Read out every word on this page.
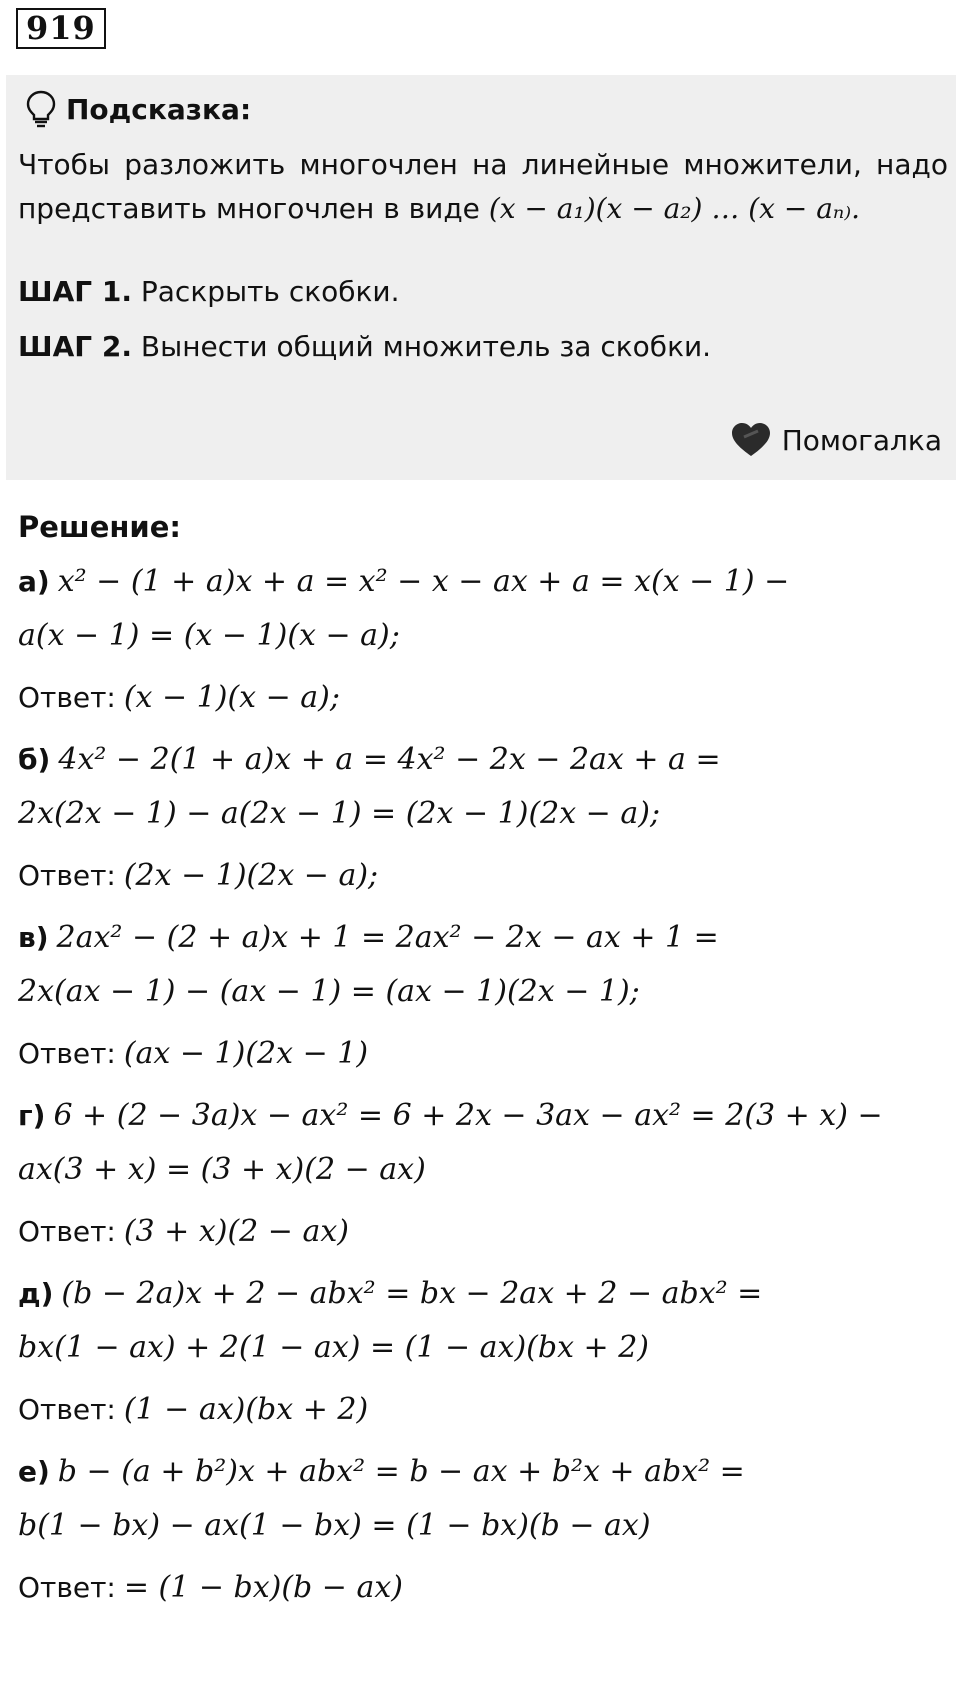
919
Подсказка:
Чтобы разложить многочлен на линейные множители, надо представить многочлен в виде (x − a₁)(x − a₂) … (x − aₙ₎.
ШАГ 1. Раскрыть скобки.
ШАГ 2. Вынести общий множитель за скобки.
Помогалка
Решение:
а) x² − (1 + a)x + a = x² − x − ax + a = x(x − 1) −
a(x − 1) = (x − 1)(x − a);
Ответ: (x − 1)(x − a);
б) 4x² − 2(1 + a)x + a = 4x² − 2x − 2ax + a =
2x(2x − 1) − a(2x − 1) = (2x − 1)(2x − a);
Ответ: (2x − 1)(2x − a);
в) 2ax² − (2 + a)x + 1 = 2ax² − 2x − ax + 1 =
2x(ax − 1) − (ax − 1) = (ax − 1)(2x − 1);
Ответ: (ax − 1)(2x − 1)
г) 6 + (2 − 3a)x − ax² = 6 + 2x − 3ax − ax² = 2(3 + x) −
ax(3 + x) = (3 + x)(2 − ax)
Ответ: (3 + x)(2 − ax)
д) (b − 2a)x + 2 − abx² = bx − 2ax + 2 − abx² =
bx(1 − ax) + 2(1 − ax) = (1 − ax)(bx + 2)
Ответ: (1 − ax)(bx + 2)
е) b − (a + b²)x + abx² = b − ax + b²x + abx² =
b(1 − bx) − ax(1 − bx) = (1 − bx)(b − ax)
Ответ: = (1 − bx)(b − ax)
